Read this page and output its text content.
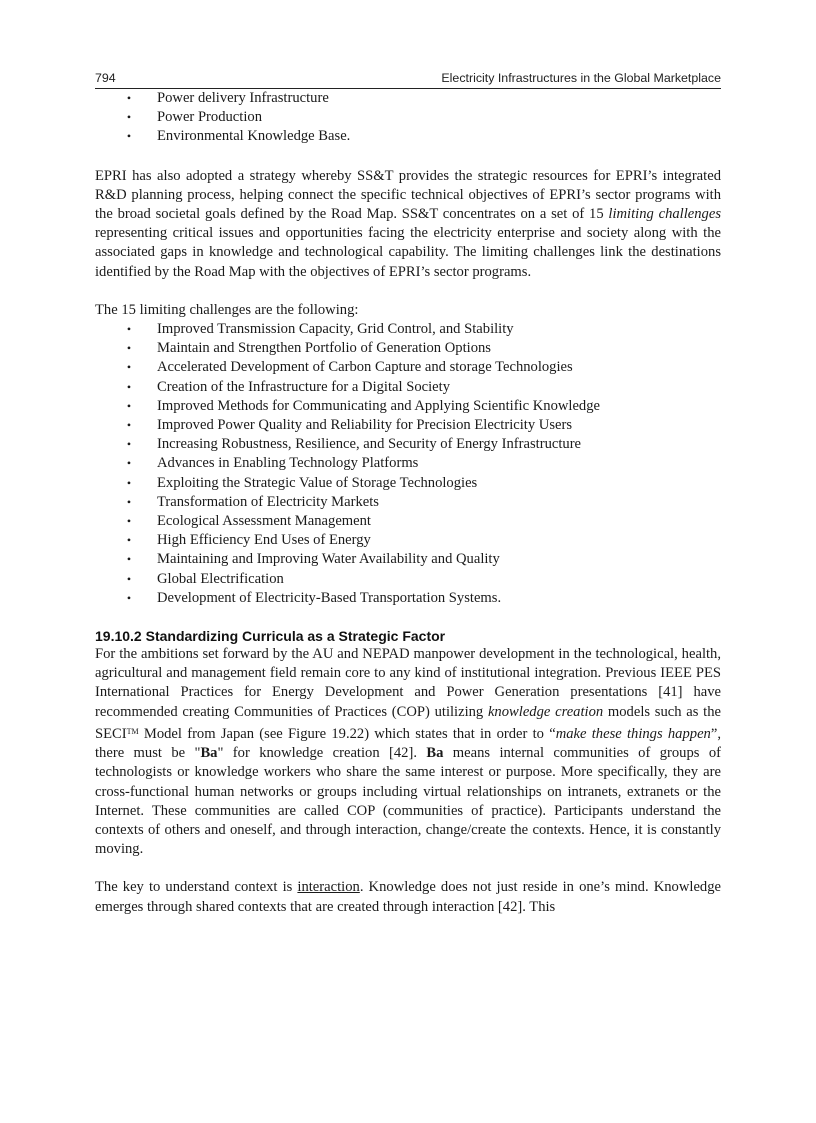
794	Electricity Infrastructures in the Global Marketplace
• Power delivery Infrastructure
• Power Production
• Environmental Knowledge Base.

EPRI has also adopted a strategy whereby SS&T provides the strategic resources for EPRI’s integrated R&D planning process, helping connect the specific technical objectives of EPRI’s sector programs with the broad societal goals defined by the Road Map. SS&T concentrates on a set of 15 limiting challenges representing critical issues and opportunities facing the electricity enterprise and society along with the associated gaps in knowledge and technological capability. The limiting challenges link the destinations identified by the Road Map with the objectives of EPRI’s sector programs.

The 15 limiting challenges are the following:

• Improved Transmission Capacity, Grid Control, and Stability
• Maintain and Strengthen Portfolio of Generation Options
• Accelerated Development of Carbon Capture and storage Technologies
• Creation of the Infrastructure for a Digital Society
• Improved Methods for Communicating and Applying Scientific Knowledge
• Improved Power Quality and Reliability for Precision Electricity Users
• Increasing Robustness, Resilience, and Security of Energy Infrastructure
• Advances in Enabling Technology Platforms
• Exploiting the Strategic Value of Storage Technologies
• Transformation of Electricity Markets
• Ecological Assessment Management
• High Efficiency End Uses of Energy
• Maintaining and Improving Water Availability and Quality
• Global Electrification
• Development of Electricity-Based Transportation Systems.
19.10.2 Standardizing Curricula as a Strategic Factor

For the ambitions set forward by the AU and NEPAD manpower development in the technological, health, agricultural and management field remain core to any kind of institutional integration. Previous IEEE PES International Practices for Energy Development and Power Generation presentations [41] have recommended creating Communities of Practices (COP) utilizing knowledge creation models such as the SECI™ Model from Japan (see Figure 19.22) which states that in order to “make these things happen”, there must be "Ba" for knowledge creation [42]. Ba means internal communities of groups of technologists or knowledge workers who share the same interest or purpose. More specifically, they are cross-functional human networks or groups including virtual relationships on intranets, extranets or the Internet. These communities are called COP (communities of practice). Participants understand the contexts of others and oneself, and through interaction, change/create the contexts. Hence, it is constantly moving.

The key to understand context is interaction. Knowledge does not just reside in one’s mind. Knowledge emerges through shared contexts that are created through interaction [42]. This
